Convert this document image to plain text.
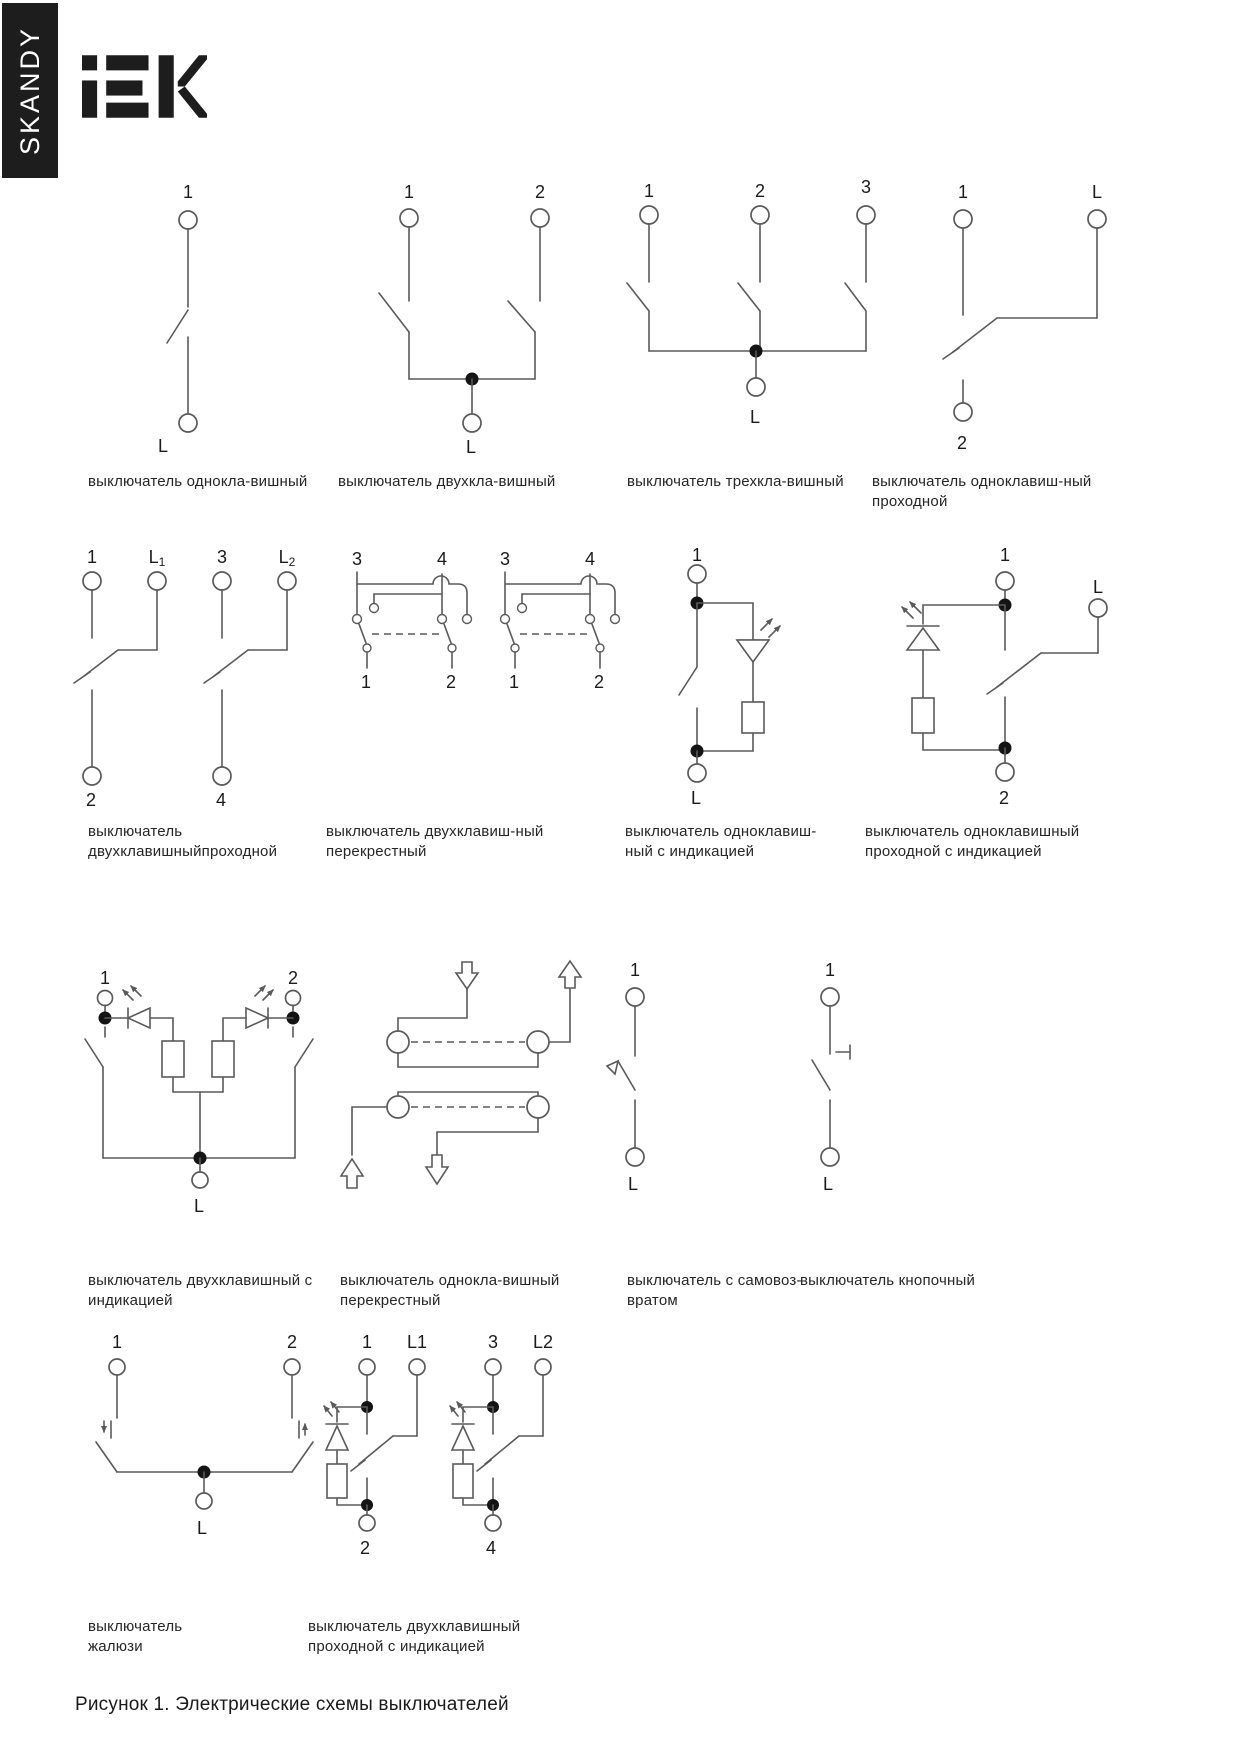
SKANDY
1
L
1	2
L
1	2	3
L
1	L
2
выключатель однокла-вишный	выключатель двухкла-вишный	выключатель трехкла-вишный	выключатель одноклавиш-ный
проходной
1	L1	3	L2
2	4
3	4
1	2
3	4
1	2
1
L
1
L
2
выключатель
двухклавишныйпроходной
выключатель двухклавиш-ный
перекрестный
выключатель одноклавиш-
ный с индикацией
выключатель одноклавишный
проходной с индикацией
1	2
L
1
L
1
L
выключатель двухклавишный с
индикацией
выключатель однокла-вишный
перекрестный
выключатель с самовоз-
вратом
выключатель кнопочный
1	2
L
1 L1	3 L2
2	4
выключатель
жалюзи
выключатель двухклавишный
проходной с индикацией
Рисунок 1. Электрические схемы выключателей
